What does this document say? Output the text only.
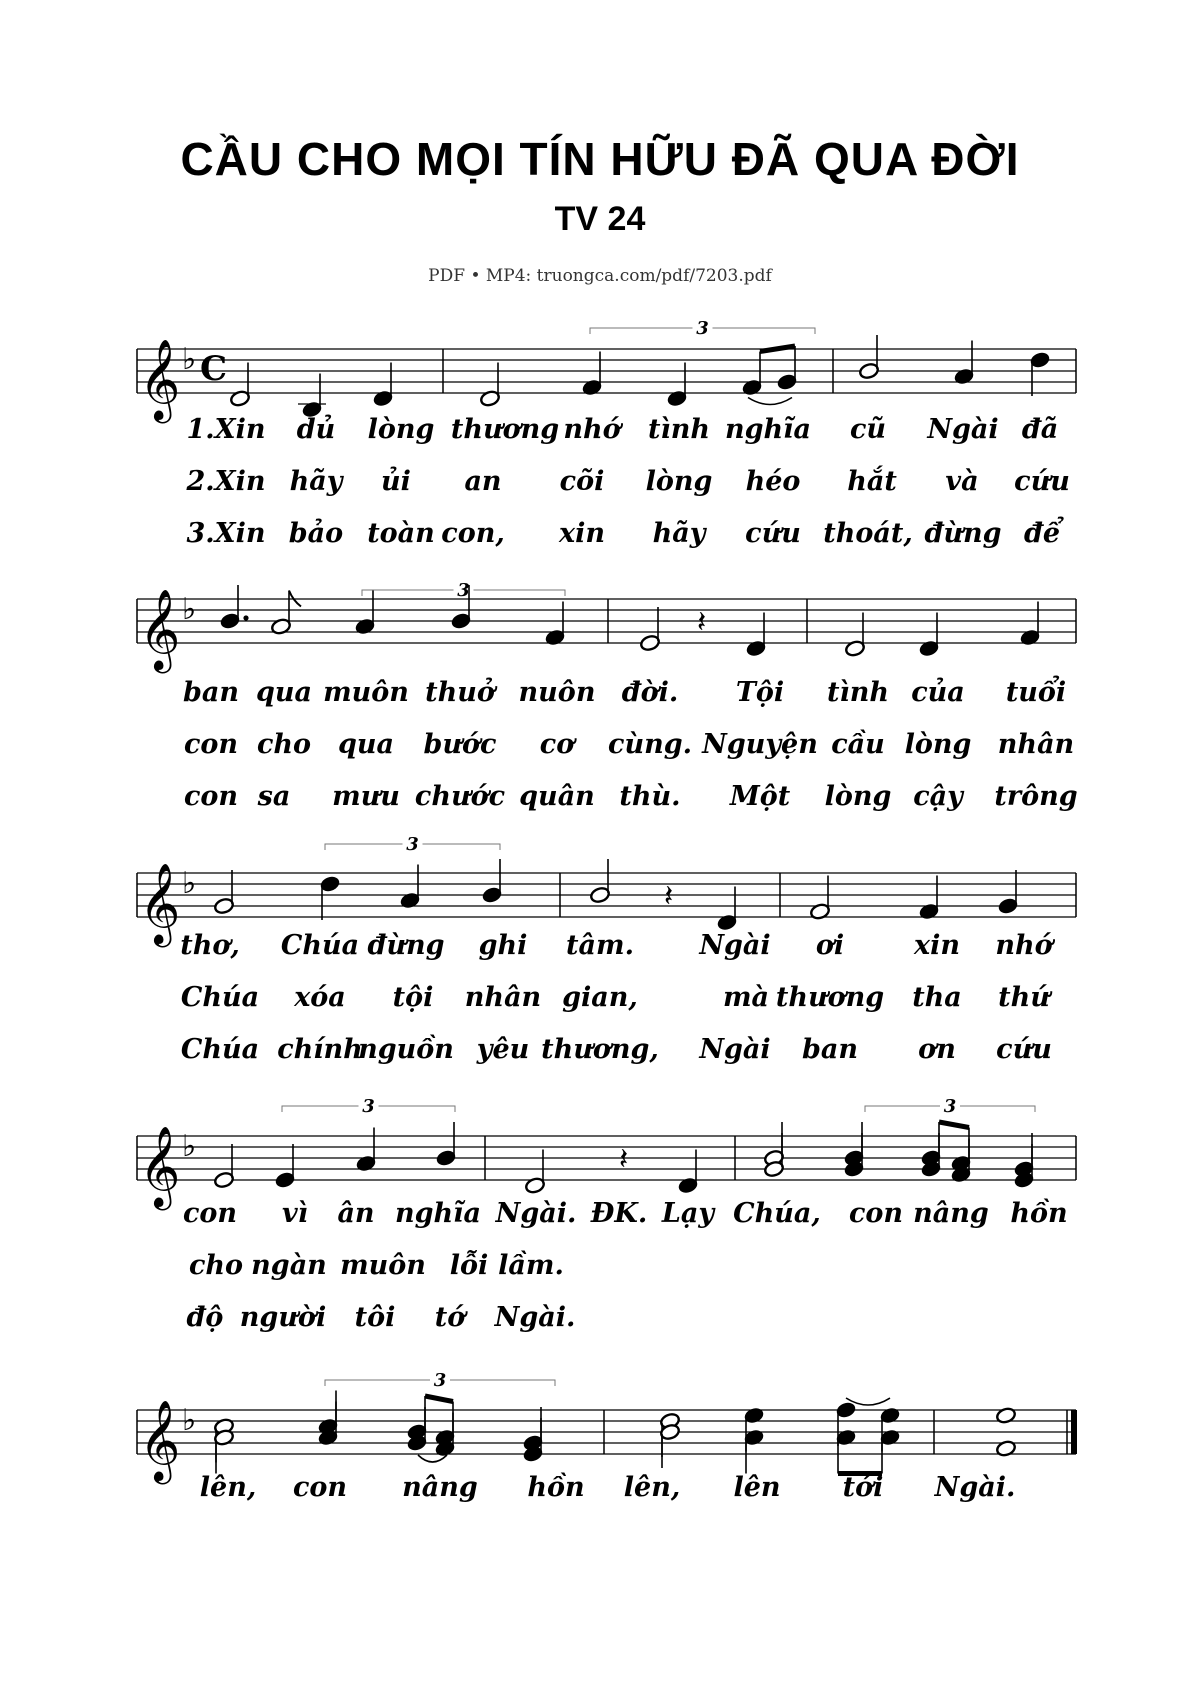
CẦU CHO MỌI TÍN HỮU ĐÃ QUA ĐỜI
TV 24
PDF • MP4: truongca.com/pdf/7203.pdf
𝄞 ♭ C
𝄞 ♭
𝄞 ♭
𝄞 ♭
𝄞 ♭
3
3
𝄽
3
𝄽
3
𝄽
3
3
1.Xin dủ lòng thương nhớ tình nghĩa cũ Ngài đã
2.Xin hãy ủi an cõi lòng héo hắt và cứu
3.Xin bảo toàn con, xin hãy cứu thoát, đừng để
ban qua muôn thuở nuôn đời. Tội tình của tuổi
con cho qua bước cơ cùng. Nguyện cầu lòng nhân
con sa mưu chước quân thù. Một lòng cậy trông
thơ, Chúa đừng ghi tâm. Ngài ơi	xin nhớ
Chúa xóa tội nhân gian,	mà thương tha thứ
Chúa chính
nguồn yêu thương, Ngài ban ơn cứu
con vì ân nghĩa Ngài. ĐK. Lạy Chúa, con nâng hồn
cho ngàn muôn lỗi lầm.
độ người tôi tớ Ngài.
lên, con nâng hồn lên, lên tới Ngài.
